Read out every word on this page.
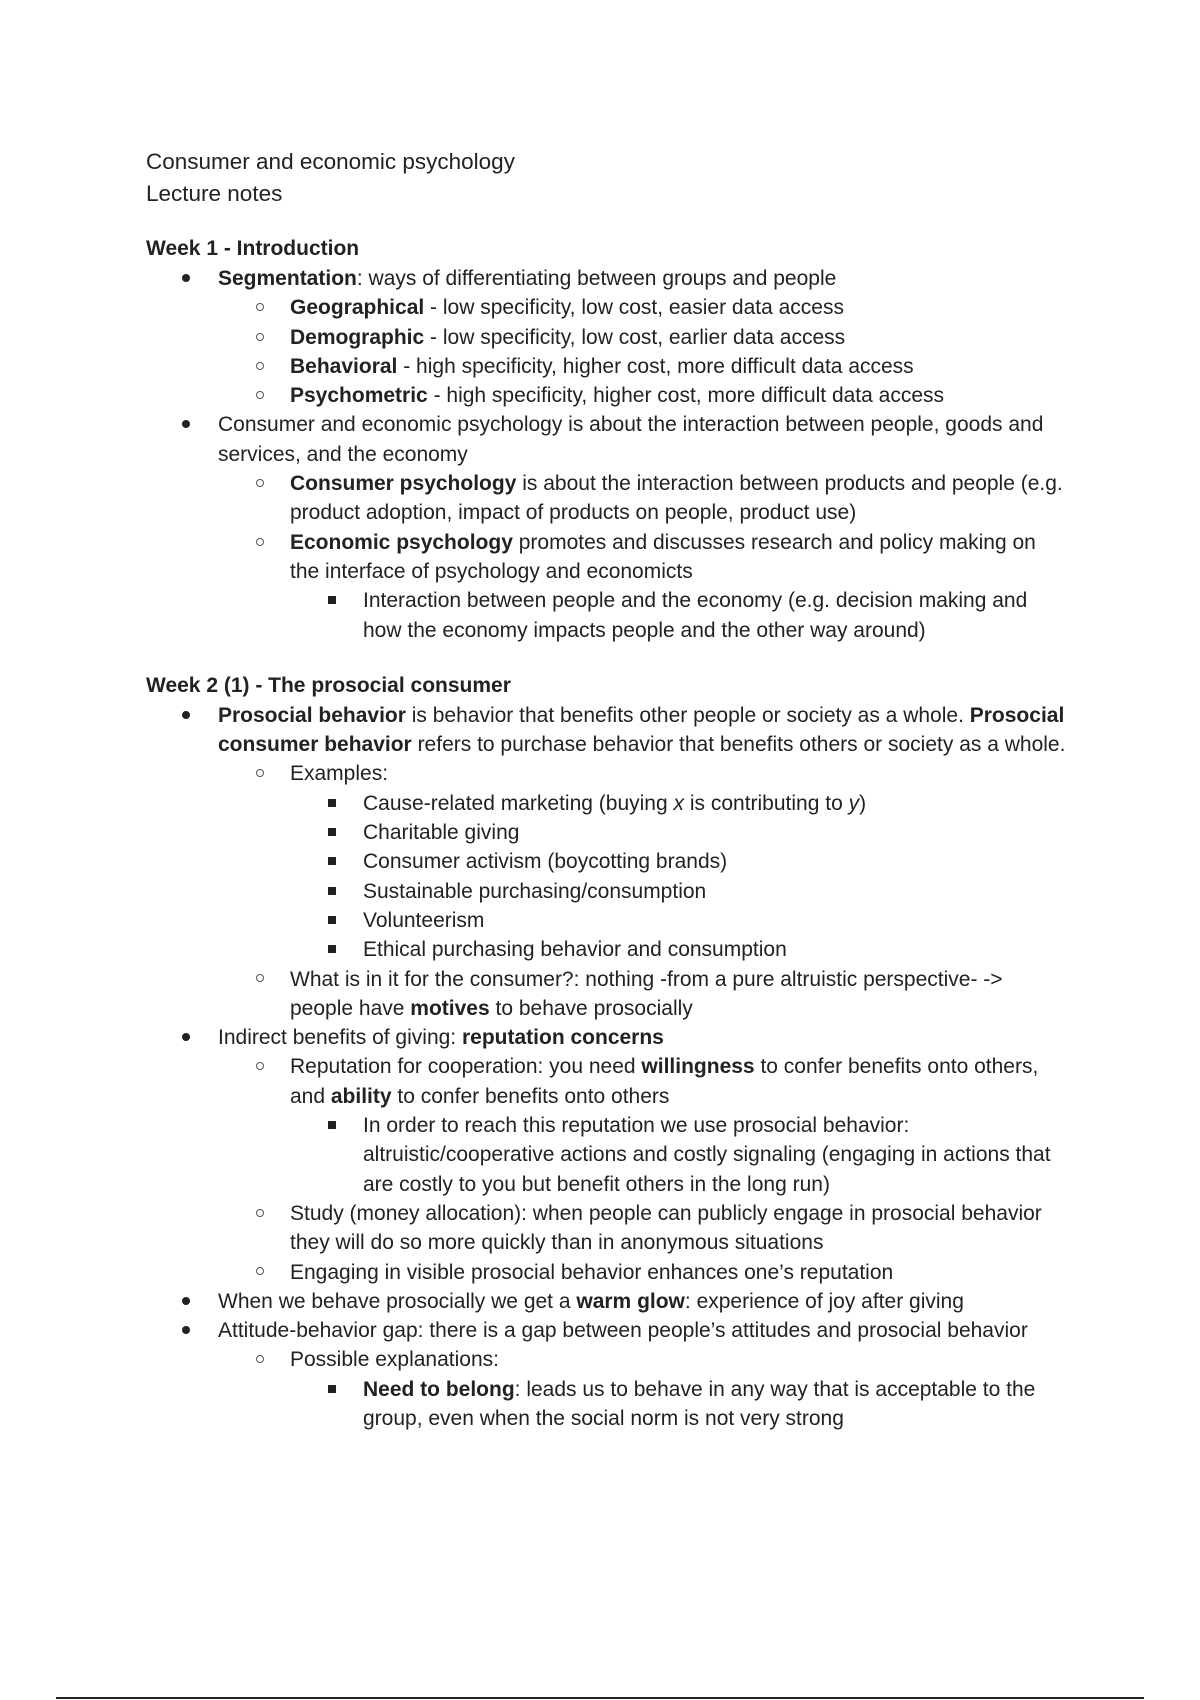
Consumer and economic psychology
Lecture notes
Week 1 - Introduction
Segmentation: ways of differentiating between groups and people
Geographical - low specificity, low cost, easier data access
Demographic - low specificity, low cost, earlier data access
Behavioral - high specificity, higher cost, more difficult data access
Psychometric - high specificity, higher cost, more difficult data access
Consumer and economic psychology is about the interaction between people, goods and services, and the economy
Consumer psychology is about the interaction between products and people (e.g. product adoption, impact of products on people, product use)
Economic psychology promotes and discusses research and policy making on the interface of psychology and economicts
Interaction between people and the economy (e.g. decision making and how the economy impacts people and the other way around)
Week 2 (1) - The prosocial consumer
Prosocial behavior is behavior that benefits other people or society as a whole. Prosocial consumer behavior refers to purchase behavior that benefits others or society as a whole.
Examples:
Cause-related marketing (buying x is contributing to y)
Charitable giving
Consumer activism (boycotting brands)
Sustainable purchasing/consumption
Volunteerism
Ethical purchasing behavior and consumption
What is in it for the consumer?: nothing -from a pure altruistic perspective- -> people have motives to behave prosocially
Indirect benefits of giving: reputation concerns
Reputation for cooperation: you need willingness to confer benefits onto others, and ability to confer benefits onto others
In order to reach this reputation we use prosocial behavior: altruistic/cooperative actions and costly signaling (engaging in actions that are costly to you but benefit others in the long run)
Study (money allocation): when people can publicly engage in prosocial behavior they will do so more quickly than in anonymous situations
Engaging in visible prosocial behavior enhances one’s reputation
When we behave prosocially we get a warm glow: experience of joy after giving
Attitude-behavior gap: there is a gap between people’s attitudes and prosocial behavior
Possible explanations:
Need to belong: leads us to behave in any way that is acceptable to the group, even when the social norm is not very strong
